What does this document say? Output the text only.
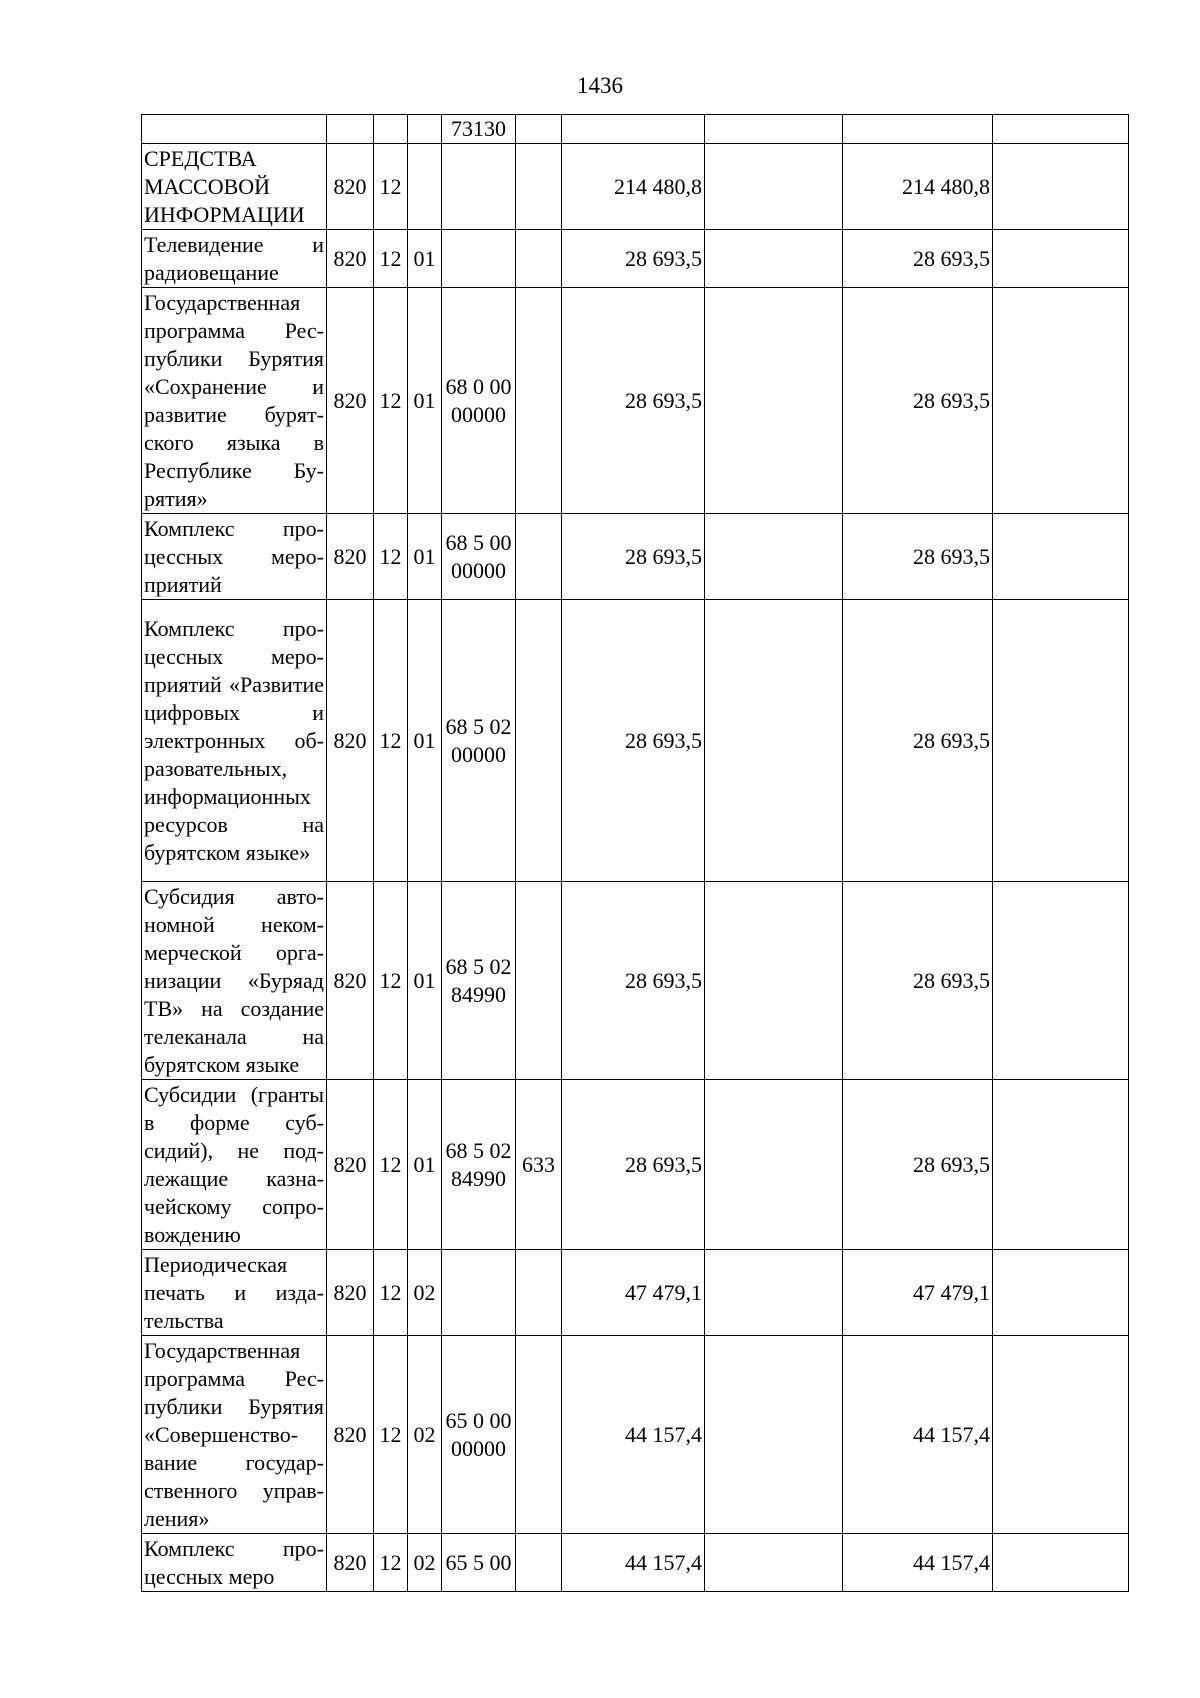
1436
				73130					
СРЕДСТВА МАССОВОЙ ИНФОРМАЦИИ	820	12				214 480,8		214 480,8	
Телевидение и радиовещание	820	12	01			28 693,5		28 693,5	
Государственная программа Республики Бурятия «Сохранение и развитие бурятского языка в Республике Бурятия»	820	12	01	68 0 00 00000		28 693,5		28 693,5	
Комплекс процессных мероприятий	820	12	01	68 5 00 00000		28 693,5		28 693,5	
Комплекс процессных мероприятий «Развитие цифровых и электронных образовательных, информационных ресурсов на бурятском языке»	820	12	01	68 5 02 00000		28 693,5		28 693,5	
Субсидия автономной некоммерческой организации «Буряад ТВ» на создание телеканала на бурятском языке	820	12	01	68 5 02 84990		28 693,5		28 693,5	
Субсидии (гранты в форме субсидий), не подлежащие казначейскому сопровождению	820	12	01	68 5 02 84990	633	28 693,5		28 693,5	
Периодическая печать и издательства	820	12	02			47 479,1		47 479,1	
Государственная программа Республики Бурятия «Совершенствование государственного управления»	820	12	02	65 0 00 00000		44 157,4		44 157,4	
Комплекс процессных меро	820	12	02	65 5 00		44 157,4		44 157,4	
